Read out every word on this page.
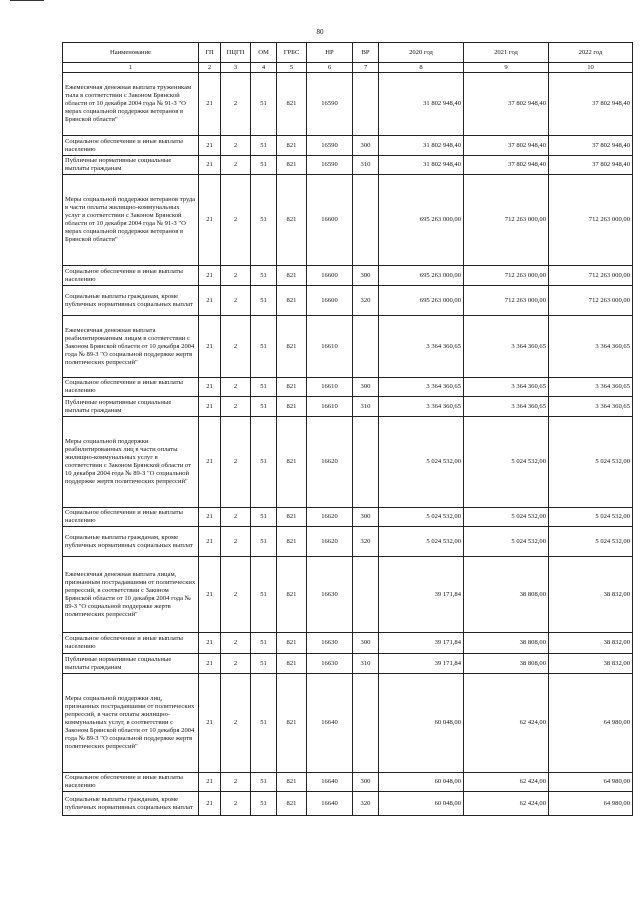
80
Наименование	ГП	ПЦГП	ОМ	ГРБС	НР	ВР	2020 год	2021 год	2022 год
1	2	3	4	5	6	7	8	9	10
Ежемесячная денежная выплата труженикам тыла в соответствии с Законом Брянской области от 10 декабря 2004 года № 91-З "О мерах социальной поддержки ветеранов в Брянской области"	21	2	51	821	16590		31 802 948,40	37 802 948,40	37 802 948,40
Социальное обеспечение и иные выплаты населению	21	2	51	821	16590	300	31 802 948,40	37 802 948,40	37 802 948,40
Публичные нормативные социальные выплаты гражданам	21	2	51	821	16590	310	31 802 948,40	37 802 948,40	37 802 948,40
Меры социальной поддержки ветеранов труда в части оплаты жилищно-коммунальных услуг в соответствии с Законом Брянской области от 10 декабря 2004 года № 91-З "О мерах социальной поддержки ветеранов в Брянской области"	21	2	51	821	16600		695 263 000,00	712 263 000,00	712 263 000,00
Социальное обеспечение и иные выплаты населению	21	2	51	821	16600	300	695 263 000,00	712 263 000,00	712 263 000,00
Социальные выплаты гражданам, кроме публичных нормативных социальных выплат	21	2	51	821	16600	320	695 263 000,00	712 263 000,00	712 263 000,00
Ежемесячная денежная выплата реабилитированным лицам в соответствии с Законом Брянской области от 10 декабря 2004 года № 89-З "О социальной поддержке жертв политических репрессий"	21	2	51	821	16610		3 364 360,65	3 364 360,65	3 364 360,65
Социальное обеспечение и иные выплаты населению	21	2	51	821	16610	300	3 364 360,65	3 364 360,65	3 364 360,65
Публичные нормативные социальные выплаты гражданам	21	2	51	821	16610	310	3 364 360,65	3 364 360,65	3 364 360,65
Меры социальной поддержки реабилитированных лиц в части оплаты жилищно-коммунальных услуг в соответствии с Законом Брянской области от 10 декабря 2004 года № 89-З "О социальной поддержке жертв политических репрессий"	21	2	51	821	16620		5 024 532,00	5 024 532,00	5 024 532,00
Социальное обеспечение и иные выплаты населению	21	2	51	821	16620	300	5 024 532,00	5 024 532,00	5 024 532,00
Социальные выплаты гражданам, кроме публичных нормативных социальных выплат	21	2	51	821	16620	320	5 024 532,00	5 024 532,00	5 024 532,00
Ежемесячная денежная выплата лицам, признанным пострадавшими от политических репрессий, в соответствии с Законом Брянской области от 10 декабря 2004 года № 89-З "О социальной поддержке жертв политических репрессий"	21	2	51	821	16630		39 171,84	38 808,00	38 832,00
Социальное обеспечение и иные выплаты населению	21	2	51	821	16630	300	39 171,84	38 808,00	38 832,00
Публичные нормативные социальные выплаты гражданам	21	2	51	821	16630	310	39 171,84	38 808,00	38 832,00
Меры социальной поддержки лиц, признанных пострадавшими от политических репрессий, в части оплаты жилищно-коммунальных услуг, в соответствии с Законом Брянской области от 10 декабря 2004 года № 89-З "О социальной поддержке жертв политических репрессий"	21	2	51	821	16640		60 048,00	62 424,00	64 980,00
Социальное обеспечение и иные выплаты населению	21	2	51	821	16640	300	60 048,00	62 424,00	64 980,00
Социальные выплаты гражданам, кроме публичных нормативных социальных выплат	21	2	51	821	16640	320	60 048,00	62 424,00	64 980,00
